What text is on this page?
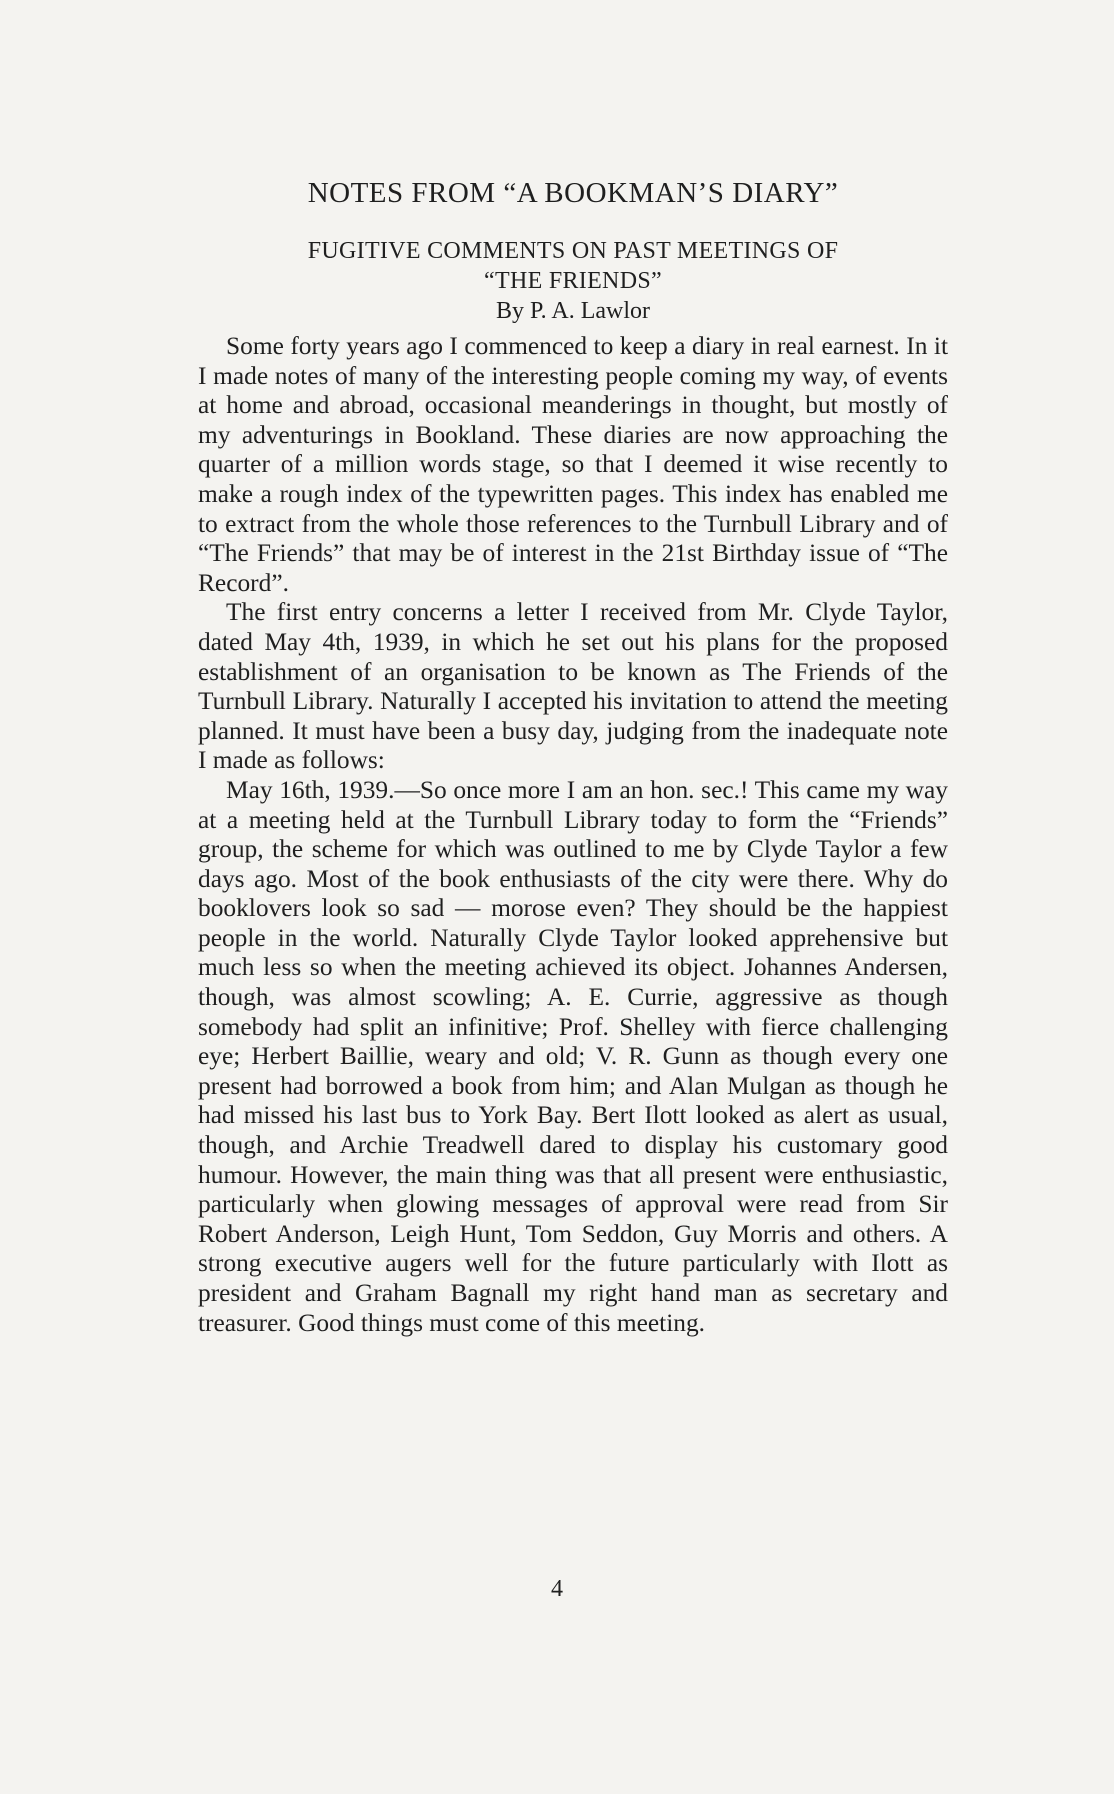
NOTES FROM “A BOOKMAN’S DIARY”
FUGITIVE COMMENTS ON PAST MEETINGS OF
“THE FRIENDS”
By P. A. Lawlor

Some forty years ago I commenced to keep a diary in real earnest. In it I made notes of many of the interesting people coming my way, of events at home and abroad, occasional meanderings in thought, but mostly of my adventurings in Bookland. These diaries are now approaching the quarter of a million words stage, so that I deemed it wise recently to make a rough index of the typewritten pages. This index has enabled me to extract from the whole those references to the Turnbull Library and of “The Friends” that may be of interest in the 21st Birthday issue of “The Record”.

The first entry concerns a letter I received from Mr. Clyde Taylor, dated May 4th, 1939, in which he set out his plans for the proposed establishment of an organisation to be known as The Friends of the Turnbull Library. Naturally I accepted his invitation to attend the meeting planned. It must have been a busy day, judging from the inadequate note I made as follows:

May 16th, 1939.—So once more I am an hon. sec.! This came my way at a meeting held at the Turnbull Library today to form the “Friends” group, the scheme for which was outlined to me by Clyde Taylor a few days ago. Most of the book enthusiasts of the city were there. Why do booklovers look so sad — morose even? They should be the happiest people in the world. Naturally Clyde Taylor looked apprehensive but much less so when the meeting achieved its object. Johannes Andersen, though, was almost scowling; A. E. Currie, aggressive as though somebody had split an infinitive; Prof. Shelley with fierce challenging eye; Herbert Baillie, weary and old; V. R. Gunn as though every one present had borrowed a book from him; and Alan Mulgan as though he had missed his last bus to York Bay. Bert Ilott looked as alert as usual, though, and Archie Treadwell dared to display his customary good humour. However, the main thing was that all present were enthusiastic, particularly when glowing messages of approval were read from Sir Robert Anderson, Leigh Hunt, Tom Seddon, Guy Morris and others. A strong executive augers well for the future particularly with Ilott as president and Graham Bagnall my right hand man as secretary and treasurer. Good things must come of this meeting.

4
